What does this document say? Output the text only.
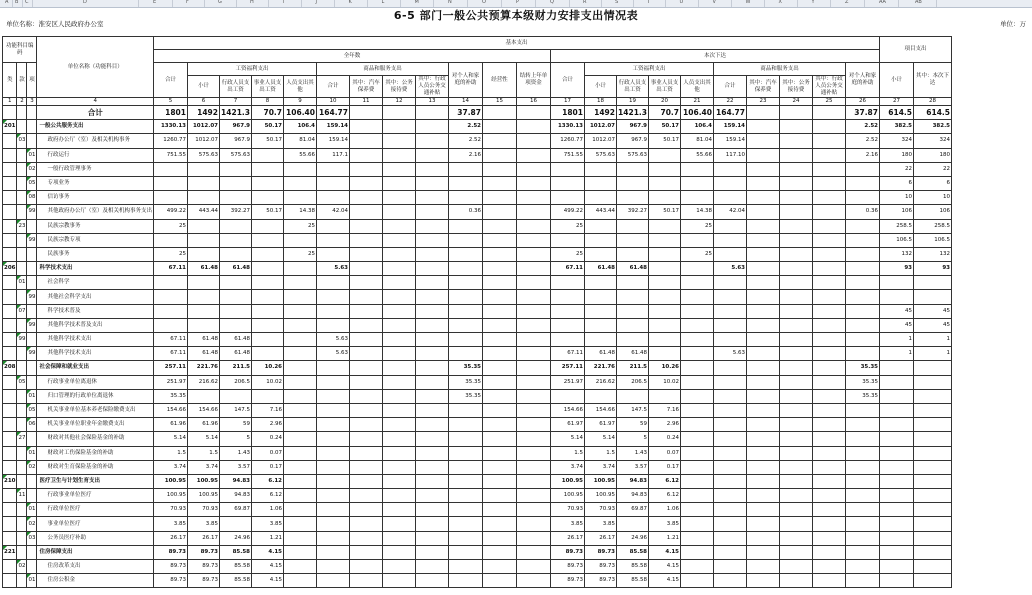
A B C	D	E	F	G	H	I	J	K	L	M	N	O	P	Q	R	S	T	U	V	W	X	Y	Z	AA	AB
6-5 部门一般公共预算本级财力安排支出情况表
单位名称：淮安区人民政府办公室	单位：万
功能科目编码			单位名称（功能科目）	基本支出																						项目支出	
				全年数												本次下达											
类	款	项		合计	工资福利支出				商品和服务支出				对个人和家庭的补助	经营性	结转上年单项资金	合计	工资福利支出				商品和服务支出				对个人和家庭的补助	小计	其中：本次下达
					小计	行政人员支出工资	事业人员支出工资	人员支出其他	合计	其中：汽车保养费	其中：公务接待费	其中：行政人员公务交通补贴					小计	行政人员支出工资	事业人员支出工资	人员支出其他	合计	其中：汽车保养费	其中：公务接待费	其中：行政人员公务交通补贴			
1	2	3	4	5	6	7	8	9	10	11	12	13	14	15	16	17	18	19	20	21	22	23	24	25	26	27	28
			合计	1801	1492	1421.3	70.7	106.40	164.77				37.87			1801	1492	1421.3	70.7	106.40	164.77				37.87	614.5	614.5
201			一般公共服务支出	1330.13	1012.07	967.9	50.17	106.4	159.14				2.52			1330.13	1012.07	967.9	50.17	106.4	159.14				2.52	382.5	382.5
	03		政府办公厅（室）及相关机构事务	1260.77	1012.07	967.9	50.17	81.04	159.14				2.52			1260.77	1012.07	967.9	50.17	81.04	159.14				2.52	324	324
		01	行政运行	751.55	575.63	575.63		55.66	117.1				2.16			751.55	575.63	575.63		55.66	117.10				2.16	180	180
		02	一般行政管理事务																							22	22
		05	专项业务																							6	6
		08	信访事务																							10	10
		99	其他政府办公厅（室）及相关机构事务支出	499.22	443.44	392.27	50.17	14.38	42.04				0.36			499.22	443.44	392.27	50.17	14.38	42.04				0.36	106	106
	23		民族宗教事务	25				25								25				25						258.5	258.5
		99	民族宗教专项																							106.5	106.5
			民族事务	25				25								25				25						132	132
206			科学技术支出	67.11	61.48	61.48			5.63							67.11	61.48	61.48			5.63					93	93
	01		社会科学																								
		99	其他社会科学支出																								
	07		科学技术普及																							45	45
		99	其他科学技术普及支出																							45	45
	99		其他科学技术支出	67.11	61.48	61.48			5.63																	1	1
		99	其他科学技术支出	67.11	61.48	61.48			5.63							67.11	61.48	61.48			5.63					1	1
208			社会保障和就业支出	257.11	221.76	211.5	10.26						35.35			257.11	221.76	211.5	10.26						35.35		
	05		行政事业单位离退休	251.97	216.62	206.5	10.02						35.35			251.97	216.62	206.5	10.02						35.35		
		01	归口管理的行政单位离退休	35.35									35.35												35.35		
		05	机关事业单位基本养老保险缴费支出	154.66	154.66	147.5	7.16									154.66	154.66	147.5	7.16								
		06	机关事业单位职业年金缴费支出	61.96	61.96	59	2.96									61.97	61.97	59	2.96								
	27		财政对其他社会保险基金的补助	5.14	5.14	5	0.24									5.14	5.14	5	0.24								
		01	财政对工伤保险基金的补助	1.5	1.5	1.43	0.07									1.5	1.5	1.43	0.07								
		02	财政对生育保险基金的补助	3.74	3.74	3.57	0.17									3.74	3.74	3.57	0.17								
210			医疗卫生与计划生育支出	100.95	100.95	94.83	6.12									100.95	100.95	94.83	6.12								
	11		行政事业单位医疗	100.95	100.95	94.83	6.12									100.95	100.95	94.83	6.12								
		01	行政单位医疗	70.93	70.93	69.87	1.06									70.93	70.93	69.87	1.06								
		02	事业单位医疗	3.85	3.85		3.85									3.85	3.85		3.85								
		03	公务员医疗补助	26.17	26.17	24.96	1.21									26.17	26.17	24.96	1.21								
221			住房保障支出	89.73	89.73	85.58	4.15									89.73	89.73	85.58	4.15								
	02		住房改革支出	89.73	89.73	85.58	4.15									89.73	89.73	85.58	4.15								
		01	住房公积金	89.73	89.73	85.58	4.15									89.73	89.73	85.58	4.15								
